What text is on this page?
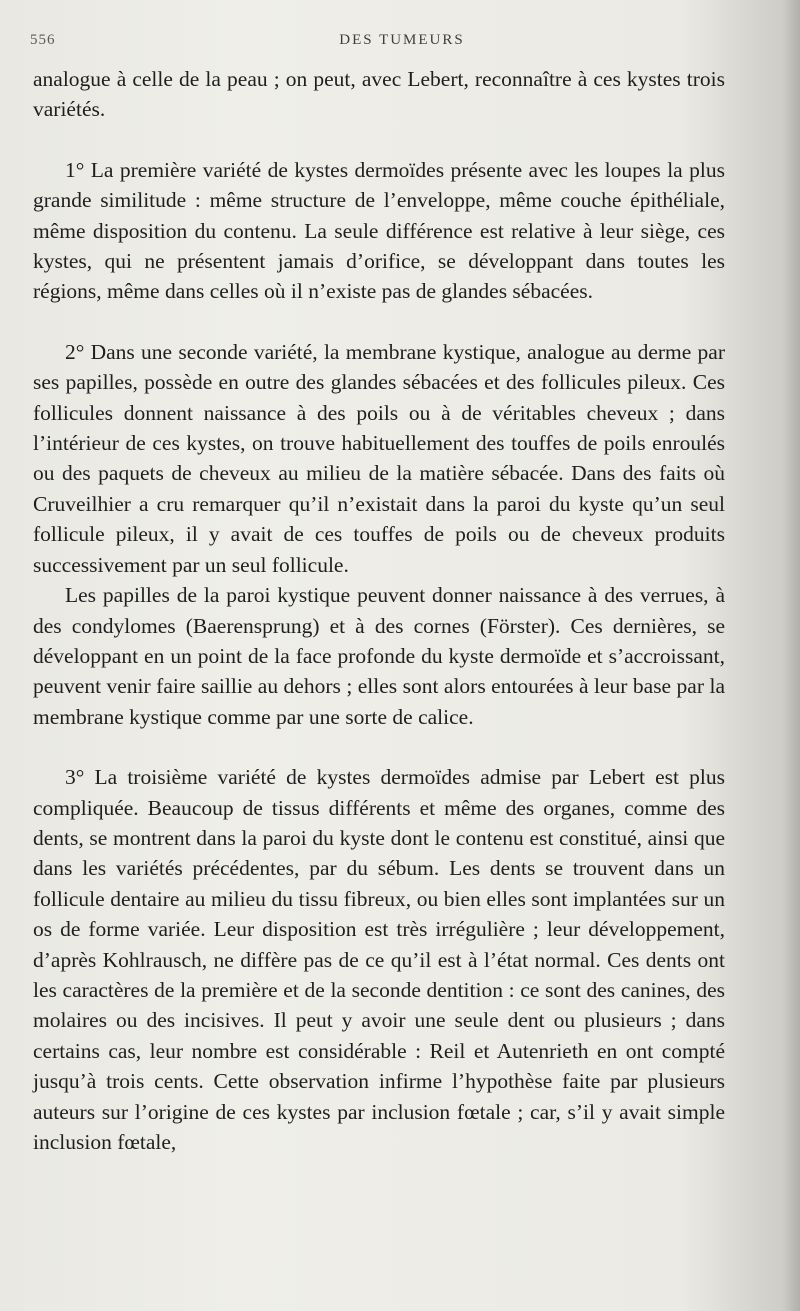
556	DES TUMEURS

analogue à celle de la peau ; on peut, avec Lebert, reconnaître à ces kystes trois variétés.

1° La première variété de kystes dermoïdes présente avec les loupes la plus grande similitude : même structure de l’enveloppe, même couche épithéliale, même disposition du contenu. La seule différence est relative à leur siège, ces kystes, qui ne présentent jamais d’orifice, se développant dans toutes les régions, même dans celles où il n’existe pas de glandes sébacées.

2° Dans une seconde variété, la membrane kystique, analogue au derme par ses papilles, possède en outre des glandes sébacées et des follicules pileux. Ces follicules donnent naissance à des poils ou à de véritables cheveux ; dans l’intérieur de ces kystes, on trouve habituellement des touffes de poils enroulés ou des paquets de cheveux au milieu de la matière sébacée. Dans des faits où Cruveilhier a cru remarquer qu’il n’existait dans la paroi du kyste qu’un seul follicule pileux, il y avait de ces touffes de poils ou de cheveux produits successivement par un seul follicule.

Les papilles de la paroi kystique peuvent donner naissance à des verrues, à des condylomes (Baerensprung) et à des cornes (Förster). Ces dernières, se développant en un point de la face profonde du kyste dermoïde et s’accroissant, peuvent venir faire saillie au dehors ; elles sont alors entourées à leur base par la membrane kystique comme par une sorte de calice.

3° La troisième variété de kystes dermoïdes admise par Lebert est plus compliquée. Beaucoup de tissus différents et même des organes, comme des dents, se montrent dans la paroi du kyste dont le contenu est constitué, ainsi que dans les variétés précédentes, par du sébum. Les dents se trouvent dans un follicule dentaire au milieu du tissu fibreux, ou bien elles sont implantées sur un os de forme variée. Leur disposition est très irrégulière ; leur développement, d’après Kohlrausch, ne diffère pas de ce qu’il est à l’état normal. Ces dents ont les caractères de la première et de la seconde dentition : ce sont des canines, des molaires ou des incisives. Il peut y avoir une seule dent ou plusieurs ; dans certains cas, leur nombre est considérable : Reil et Autenrieth en ont compté jusqu’à trois cents. Cette observation infirme l’hypothèse faite par plusieurs auteurs sur l’origine de ces kystes par inclusion fœtale ; car, s’il y avait simple inclusion fœtale,
